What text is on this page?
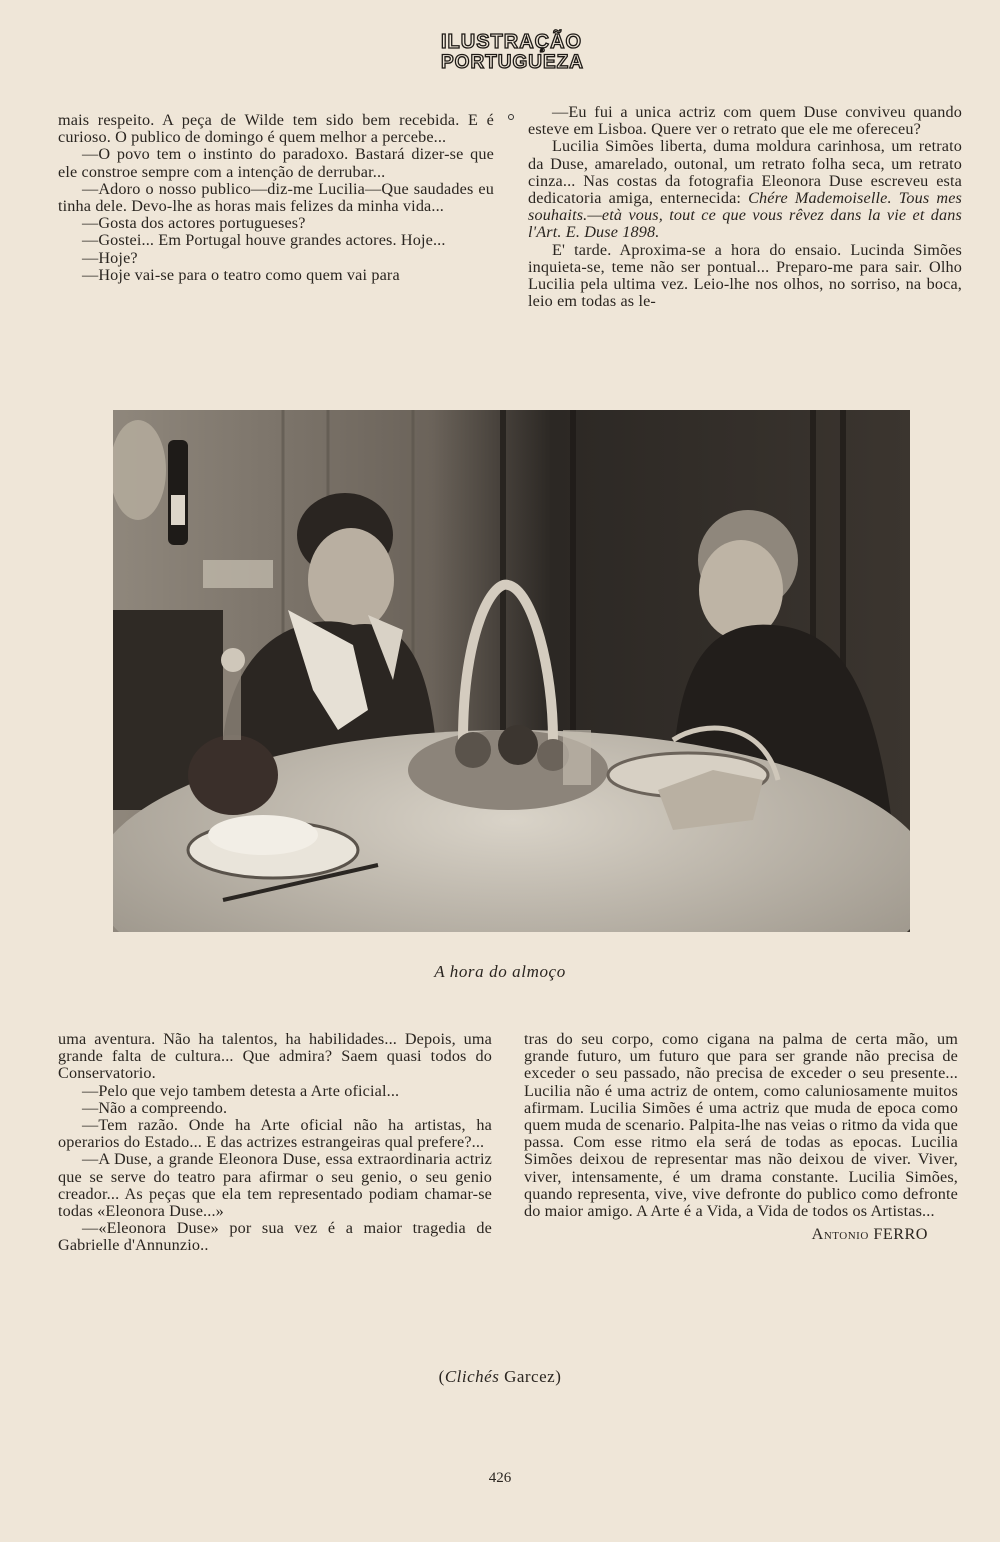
ILUSTRAÇÃO
PORTUGUEZA

mais respeito. A peça de Wilde tem sido bem recebida. E é curioso. O publico de domingo é quem melhor a percebe...

—O povo tem o instinto do paradoxo. Bastará dizer-se que ele constroe sempre com a intenção de derrubar...

—Adoro o nosso publico—diz-me Lucilia—Que saudades eu tinha dele. Devo-lhe as horas mais felizes da minha vida...

—Gosta dos actores portugueses?

—Gostei... Em Portugal houve grandes actores. Hoje...

—Hoje?

—Hoje vai-se para o teatro como quem vai para

—Eu fui a unica actriz com quem Duse conviveu quando esteve em Lisboa. Quere ver o retrato que ele me ofereceu?

Lucilia Simões liberta, duma moldura carinhosa, um retrato da Duse, amarelado, outonal, um retrato folha seca, um retrato cinza... Nas costas da fotografia Eleonora Duse escreveu esta dedicatoria amiga, enternecida: Chére Mademoiselle. Tous mes souhaits.—età vous, tout ce que vous rêvez dans la vie et dans l'Art. E. Duse 1898.

E' tarde. Aproxima-se a hora do ensaio. Lucinda Simões inquieta-se, teme não ser pontual... Preparo-me para sair. Olho Lucilia pela ultima vez. Leio-lhe nos olhos, no sorriso, na boca, leio em todas as le-

A hora do almoço

uma aventura. Não ha talentos, ha habilidades... Depois, uma grande falta de cultura... Que admira? Saem quasi todos do Conservatorio.

—Pelo que vejo tambem detesta a Arte oficial...

—Não a compreendo.

—Tem razão. Onde ha Arte oficial não ha artistas, ha operarios do Estado... E das actrizes estrangeiras qual prefere?...

—A Duse, a grande Eleonora Duse, essa extraordinaria actriz que se serve do teatro para afirmar o seu genio, o seu genio creador... As peças que ela tem representado podiam chamar-se todas «Eleonora Duse...»

—«Eleonora Duse» por sua vez é a maior tragedia de Gabrielle d'Annunzio..

tras do seu corpo, como cigana na palma de certa mão, um grande futuro, um futuro que para ser grande não precisa de exceder o seu passado, não precisa de exceder o seu presente... Lucilia não é uma actriz de ontem, como caluniosamente muitos afirmam. Lucilia Simões é uma actriz que muda de epoca como quem muda de scenario. Palpita-lhe nas veias o ritmo da vida que passa. Com esse ritmo ela será de todas as epocas. Lucilia Simões deixou de representar mas não deixou de viver. Viver, viver, intensamente, é um drama constante. Lucilia Simões, quando representa, vive, vive defronte do publico como defronte do maior amigo. A Arte é a Vida, a Vida de todos os Artistas...

Antonio FERRO
(Clichés Garcez)
426
